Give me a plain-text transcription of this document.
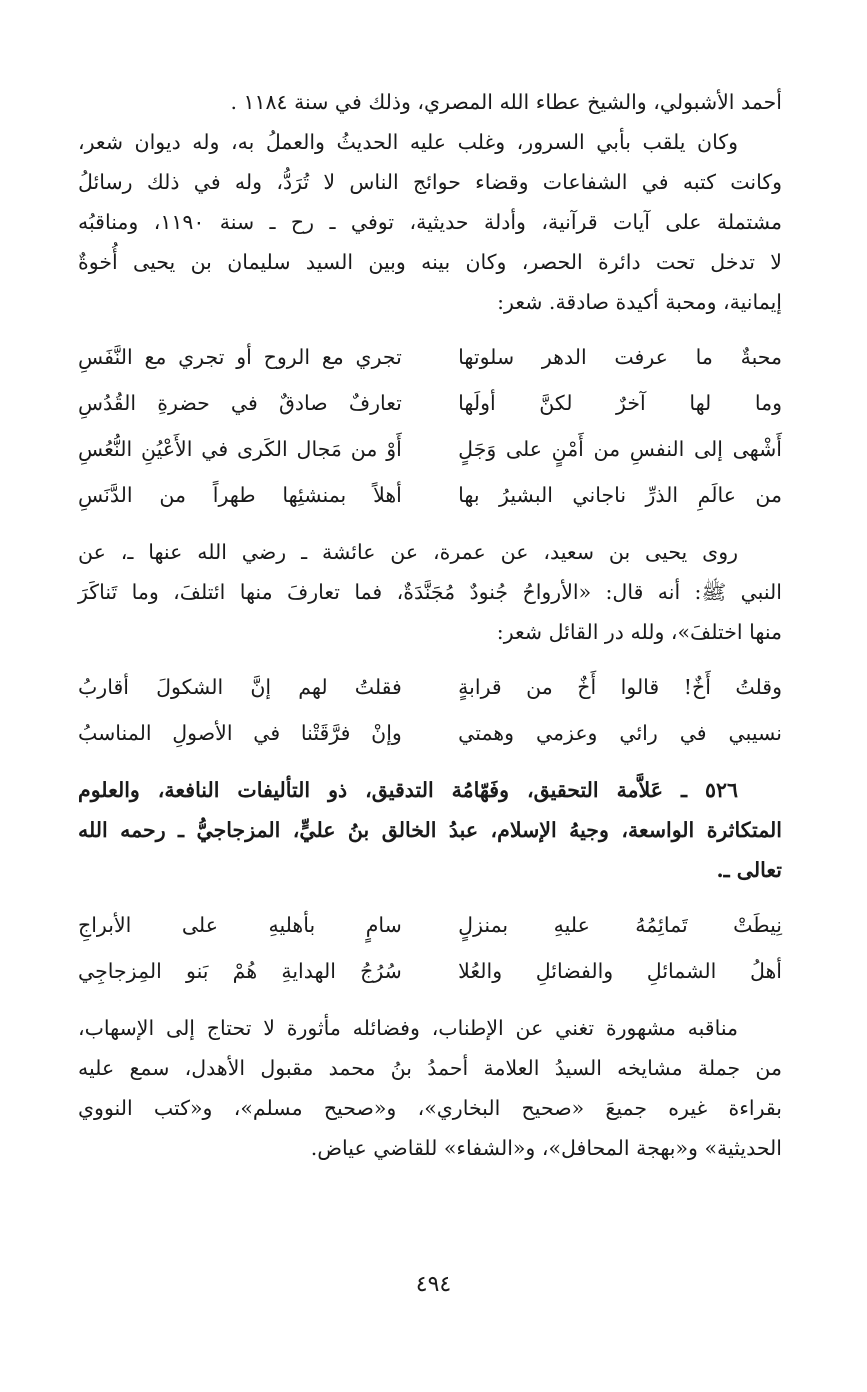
أحمد الأشبولي، والشيخ عطاء الله المصري، وذلك في سنة ١١٨٤ .

وكان يلقب بأبي السرور، وغلب عليه الحديثُ والعملُ به، وله ديوان شعر،
وكانت كتبه في الشفاعات وقضاء حوائج الناس لا تُرَدُّ، وله في ذلك رسائلُ
مشتملة على آيات قرآنية، وأدلة حديثية، توفي ـ رح ـ سنة ١١٩٠، ومناقبُه
لا تدخل تحت دائرة الحصر، وكان بينه وبين السيد سليمان بن يحيى أُخوةٌ
إيمانية، ومحبة أكيدة صادقة. شعر:

محبةٌ ما عرفت الدهر سلوتها
تجري مع الروح أو تجري مع النَّفَسِ
وما لها آخرٌ لكنَّ أولَها
تعارفٌ صادقٌ في حضرةِ القُدُسِ
أَشْهى إلى النفسِ من أَمْنٍ على وَجَلٍ
أَوْ من مَجال الكَرى في الأَعْيُنِ النُّعُسِ
من عالَمِ الذرِّ ناجاني البشيرُ بها
أهلاً بمنشئِها طهراً من الدَّنَسِ

روى يحيى بن سعيد، عن عمرة، عن عائشة ـ رضي الله عنها ـ، عن
النبي ﷺ: أنه قال: «الأرواحُ جُنودٌ مُجَنَّدَةٌ، فما تعارفَ منها ائتلفَ، وما تَناكَرَ
منها اختلفَ»، ولله در القائل شعر:

وقلتُ أَخٌ! قالوا أَخٌ من قرابةٍ
فقلتُ لهم إنَّ الشكولَ أقاربُ
نسيبي في رائي وعزمي وهمتي
وإنْ فرَّقَتْنا في الأصولِ المناسبُ

٥٢٦ ـ عَلاَّمة التحقيق، وفَهّامُة التدقيق، ذو التأليفات النافعة، والعلوم
المتكاثرة الواسعة، وجيهُ الإسلام، عبدُ الخالق بنُ عليٍّ، المزجاجيُّ ـ رحمه الله
تعالى ـ.

نِيطَتْ تَمائِمُهُ عليهِ بمنزلٍ
سامٍ بأهليهِ على الأبراجِ
أهلُ الشمائلِ والفضائلِ والعُلا
سُرُجُ الهدايةِ هُمْ بَنو المِزجاجِي

مناقبه مشهورة تغني عن الإطناب، وفضائله مأثورة لا تحتاج إلى الإسهاب،
من جملة مشايخه السيدُ العلامة أحمدُ بنُ محمد مقبول الأهدل، سمع عليه
بقراءة غيره جميعَ «صحيح البخاري»، و«صحيح مسلم»، و«كتب النووي
الحديثية» و«بهجة المحافل»، و«الشفاء» للقاضي عياض.

٤٩٤
